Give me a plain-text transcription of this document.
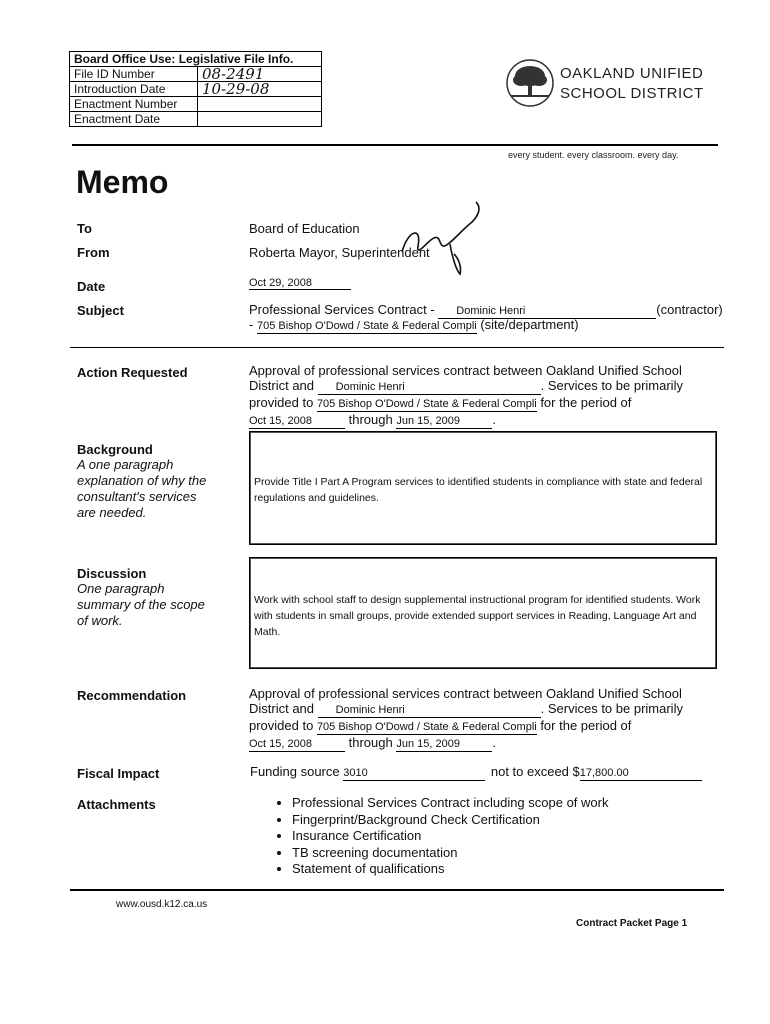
Board Office Use: Legislative File Info.	
File ID Number	08-2491
Introduction Date	10-29-08
Enactment Number	
Enactment Date	
OAKLAND UNIFIED
SCHOOL DISTRICT
every student. every classroom. every day.
Memo
To	Board of Education
From	Roberta Mayor, Superintendent
Date	Oct 29, 2008
Subject	Professional Services Contract - Dominic Henri	(contractor)
- 705 Bishop O'Dowd / State & Federal Compli (site/department)
Action Requested	Approval of professional services contract between Oakland Unified School
District and Dominic Henri	. Services to be primarily
provided to 705 Bishop O'Dowd / State & Federal Compli for the period of
Oct 15, 2008	through Jun 15, 2009 .
Background
A one paragraph explanation of why the consultant's services are needed.
Provide Title I Part A Program services to identified students in compliance with state and federal regulations and guidelines.
Discussion
One paragraph summary of the scope of work.
Work with school staff to design supplemental instructional program for identified students. Work with students in small groups, provide extended support services in Reading, Language Art and Math.
Recommendation	Approval of professional services contract between Oakland Unified School
District and Dominic Henri	. Services to be primarily
provided to 705 Bishop O'Dowd / State & Federal Compli for the period of
Oct 15, 2008	through Jun 15, 2009 .
Fiscal Impact	Funding source 3010	not to exceed $17,800.00
Attachments	• Professional Services Contract including scope of work
• Fingerprint/Background Check Certification
• Insurance Certification
• TB screening documentation
• Statement of qualifications
www.ousd.k12.ca.us
Contract Packet Page 1
